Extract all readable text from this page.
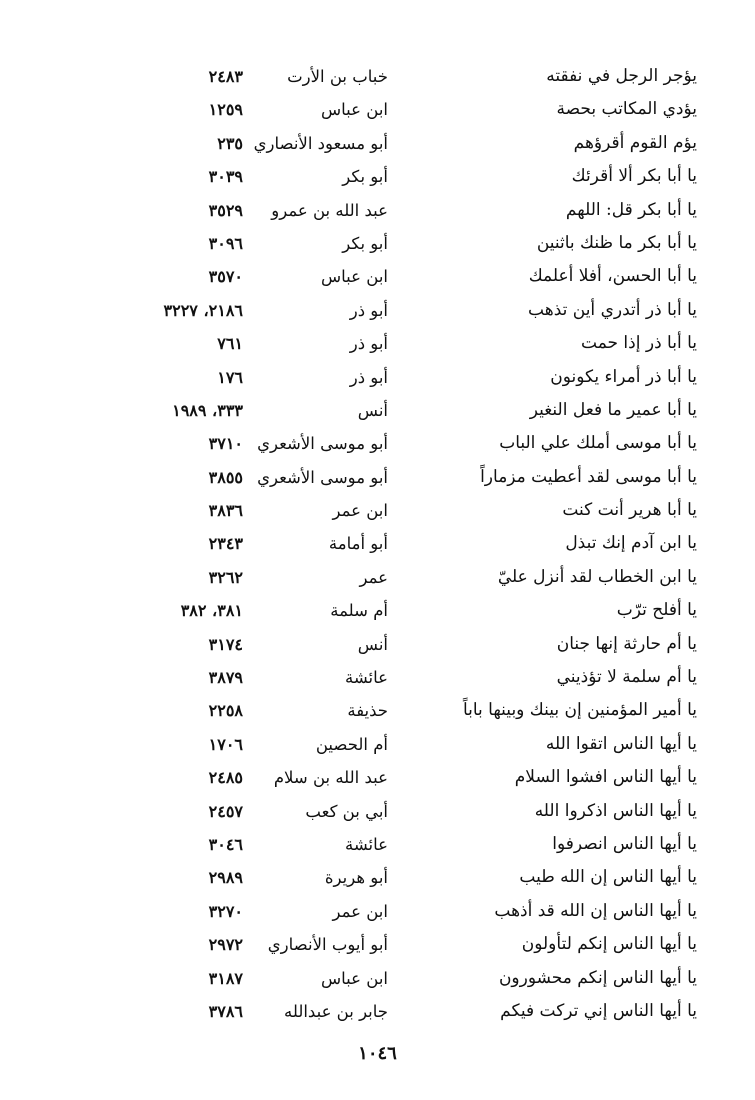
يؤجر الرجل في نفقته
خباب بن الأرت
٢٤٨٣
يؤدي المكاتب بحصة
ابن عباس
١٢٥٩
يؤم القوم أقرؤهم
أبو مسعود الأنصاري
٢٣٥
يا أبا بكر ألا أقرئك
أبو بكر
٣٠٣٩
يا أبا بكر قل: اللهم
عبد الله بن عمرو
٣٥٢٩
يا أبا بكر ما ظنك باثنين
أبو بكر
٣٠٩٦
يا أبا الحسن، أفلا أعلمك
ابن عباس
٣٥٧٠
يا أبا ذر أتدري أين تذهب
أبو ذر
٢١٨٦، ٣٢٢٧
يا أبا ذر إذا حمت
أبو ذر
٧٦١
يا أبا ذر أمراء يكونون
أبو ذر
١٧٦
يا أبا عمير ما فعل النغير
أنس
٣٣٣، ١٩٨٩
يا أبا موسى أملك علي الباب
أبو موسى الأشعري
٣٧١٠
يا أبا موسى لقد أعطيت مزماراً
أبو موسى الأشعري
٣٨٥٥
يا أبا هرير أنت كنت
ابن عمر
٣٨٣٦
يا ابن آدم إنك تبذل
أبو أمامة
٢٣٤٣
يا ابن الخطاب لقد أنزل عليّ
عمر
٣٢٦٢
يا أفلح ترّب
أم سلمة
٣٨١، ٣٨٢
يا أم حارثة إنها جنان
أنس
٣١٧٤
يا أم سلمة لا تؤذيني
عائشة
٣٨٧٩
يا أمير المؤمنين إن بينك وبينها باباً
حذيفة
٢٢٥٨
يا أيها الناس اتقوا الله
أم الحصين
١٧٠٦
يا أيها الناس افشوا السلام
عبد الله بن سلام
٢٤٨٥
يا أيها الناس اذكروا الله
أبي بن كعب
٢٤٥٧
يا أيها الناس انصرفوا
عائشة
٣٠٤٦
يا أيها الناس إن الله طيب
أبو هريرة
٢٩٨٩
يا أيها الناس إن الله قد أذهب
ابن عمر
٣٢٧٠
يا أيها الناس إنكم لتأولون
أبو أيوب الأنصاري
٢٩٧٢
يا أيها الناس إنكم محشورون
ابن عباس
٣١٨٧
يا أيها الناس إني تركت فيكم
جابر بن عبدالله
٣٧٨٦
١٠٤٦
